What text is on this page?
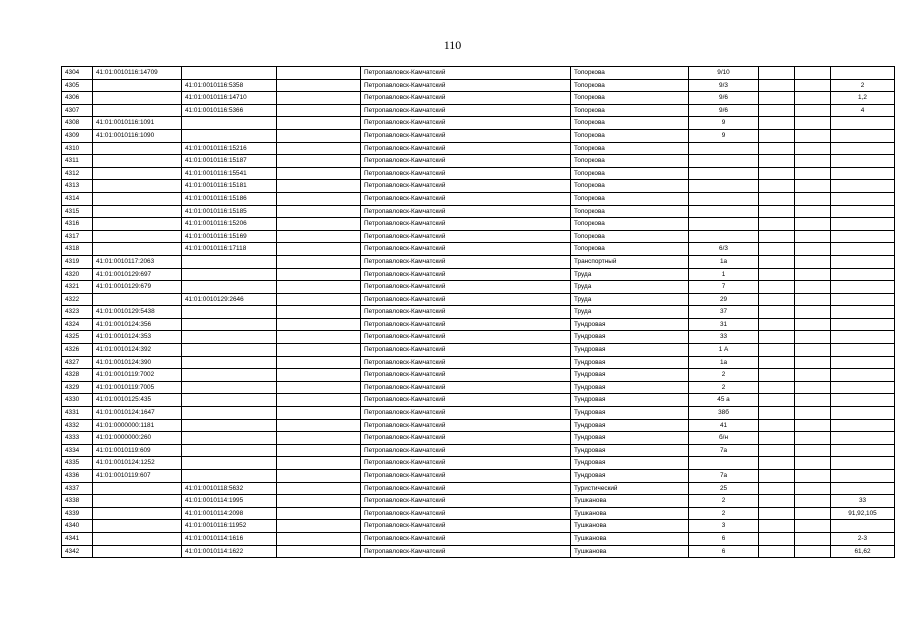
110
4304	41:01:0010116:14709			Петропавловск-Камчатский	Топоркова	9/10			
4305		41:01:0010116:5358		Петропавловск-Камчатский	Топоркова	9/3			2
4306		41:01:0010116:14710		Петропавловск-Камчатский	Топоркова	9/6			1,2
4307		41:01:0010116:5366		Петропавловск-Камчатский	Топоркова	9/6			4
4308	41:01:0010116:1091			Петропавловск-Камчатский	Топоркова	9			
4309	41:01:0010116:1090			Петропавловск-Камчатский	Топоркова	9			
4310		41:01:0010116:15216		Петропавловск-Камчатский	Топоркова				
4311		41:01:0010116:15187		Петропавловск-Камчатский	Топоркова				
4312		41:01:0010116:15541		Петропавловск-Камчатский	Топоркова				
4313		41:01:0010116:15181		Петропавловск-Камчатский	Топоркова				
4314		41:01:0010116:15186		Петропавловск-Камчатский	Топоркова				
4315		41:01:0010116:15185		Петропавловск-Камчатский	Топоркова				
4316		41:01:0010116:15206		Петропавловск-Камчатский	Топоркова				
4317		41:01:0010116:15169		Петропавловск-Камчатский	Топоркова				
4318		41:01:0010116:17118		Петропавловск-Камчатский	Топоркова	6/3			
4319	41:01:0010117:2063			Петропавловск-Камчатский	Транспортный	1а			
4320	41:01:0010129:697			Петропавловск-Камчатский	Труда	1			
4321	41:01:0010129:679			Петропавловск-Камчатский	Труда	7			
4322		41:01:0010129:2646		Петропавловск-Камчатский	Труда	29			
4323	41:01:0010129:5438			Петропавловск-Камчатский	Труда	37			
4324	41:01:0010124:356			Петропавловск-Камчатский	Тундровая	31			
4325	41:01:0010124:353			Петропавловск-Камчатский	Тундровая	33			
4326	41:01:0010124:392			Петропавловск-Камчатский	Тундровая	1 А			
4327	41:01:0010124:390			Петропавловск-Камчатский	Тундровая	1а			
4328	41:01:0010119:7002			Петропавловск-Камчатский	Тундровая	2			
4329	41:01:0010119:7005			Петропавловск-Камчатский	Тундровая	2			
4330	41:01:0010125:435			Петропавловск-Камчатский	Тундровая	45 а			
4331	41:01:0010124:1647			Петропавловск-Камчатский	Тундровая	38б			
4332	41:01:0000000:1181			Петропавловск-Камчатский	Тундровая	41			
4333	41:01:0000000:260			Петропавловск-Камчатский	Тундровая	б/н			
4334	41:01:0010119:609			Петропавловск-Камчатский	Тундровая	7а			
4335	41:01:0010124:1252			Петропавловск-Камчатский	Тундровая				
4336	41:01:0010119:607			Петропавловск-Камчатский	Тундровая	7а			
4337		41:01:0010118:5632		Петропавловск-Камчатский	Туристический	25			
4338		41:01:0010114:1995		Петропавловск-Камчатский	Тушканова	2			33
4339		41:01:0010114:2098		Петропавловск-Камчатский	Тушканова	2			91,92,105
4340		41:01:0010116:11952		Петропавловск-Камчатский	Тушканова	3			
4341		41:01:0010114:1616		Петропавловск-Камчатский	Тушканова	6			2-3
4342		41:01:0010114:1622		Петропавловск-Камчатский	Тушканова	6			61,62
